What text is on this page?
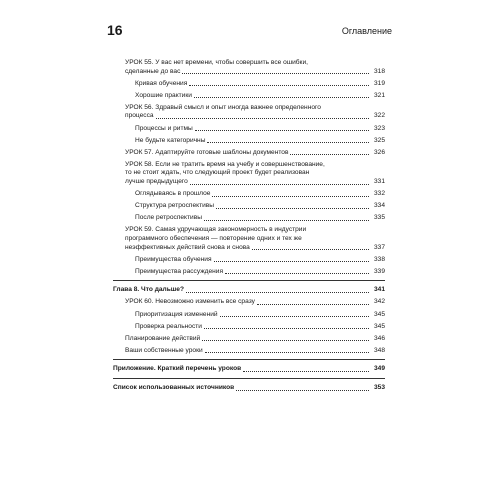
16	Оглавление
УРОК 55. У вас нет времени, чтобы совершить все ошибки,
сделанные до вас	318
Кривая обучения	319
Хорошие практики	321
УРОК 56. Здравый смысл и опыт иногда важнее определенного
процесса	322
Процессы и ритмы	323
Не будьте категоричны	325
УРОК 57. Адаптируйте готовые шаблоны документов	326
УРОК 58. Если не тратить время на учебу и совершенствование,
то не стоит ждать, что следующий проект будет реализован
лучше предыдущего	331
Оглядываясь в прошлое	332
Структура ретроспективы	334
После ретроспективы	335
УРОК 59. Самая удручающая закономерность в индустрии
программного обеспечения — повторение одних и тех же
неэффективных действий снова и снова	337
Преимущества обучения	338
Преимущества рассуждения	339
Глава 8. Что дальше?	341
УРОК 60. Невозможно изменить все сразу	342
Приоритизация изменений	345
Проверка реальности	345
Планирование действий	346
Ваши собственные уроки	348
Приложение. Краткий перечень уроков	349
Список использованных источников	353
